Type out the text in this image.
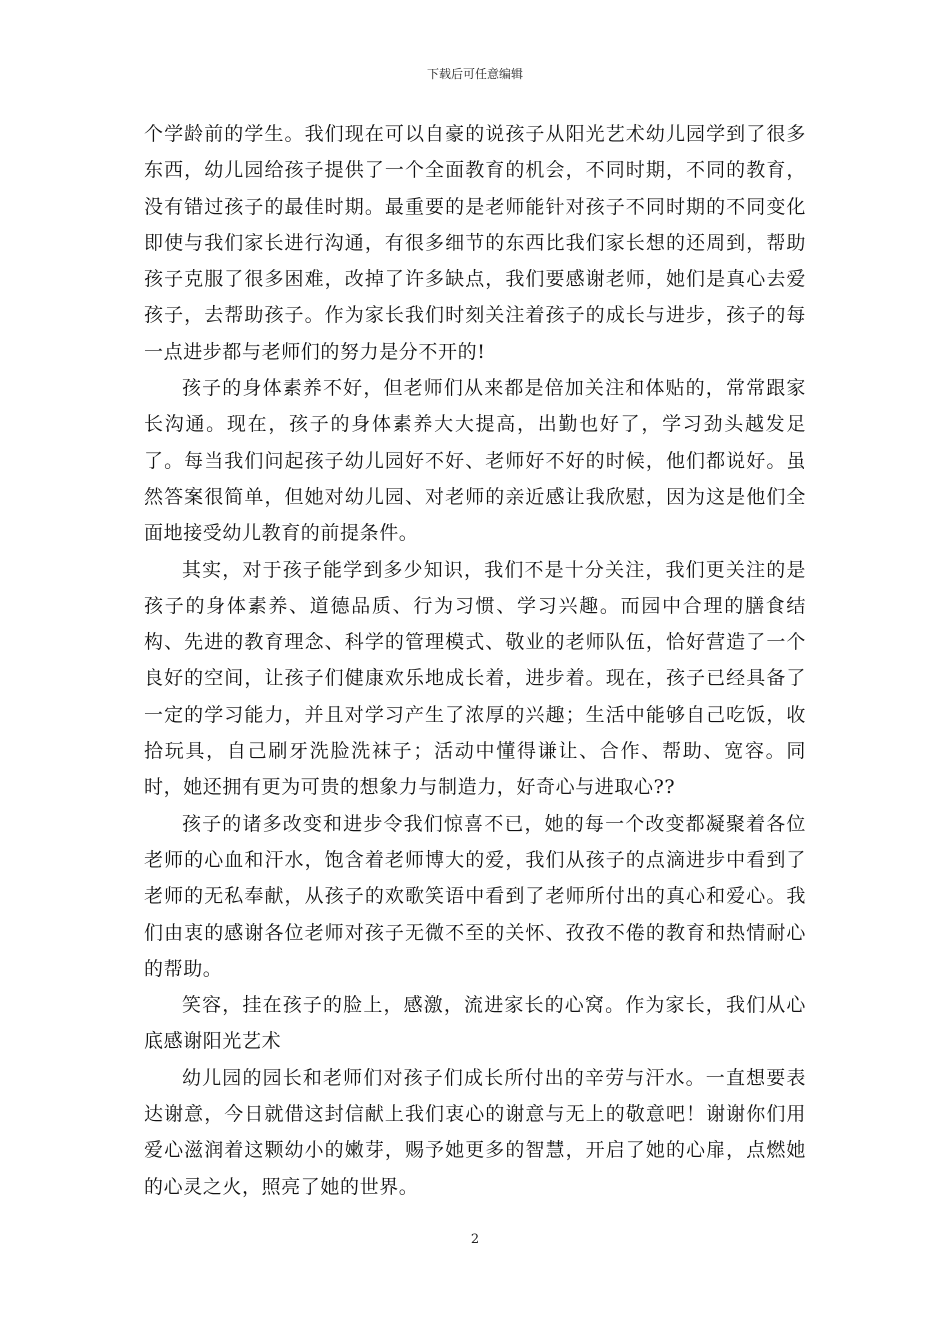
下载后可任意编辑

个学龄前的学生。我们现在可以自豪的说孩子从阳光艺术幼儿园学到了很多东西，幼儿园给孩子提供了一个全面教育的机会，不同时期，不同的教育，没有错过孩子的最佳时期。最重要的是老师能针对孩子不同时期的不同变化即使与我们家长进行沟通，有很多细节的东西比我们家长想的还周到，帮助孩子克服了很多困难，改掉了许多缺点，我们要感谢老师，她们是真心去爱孩子，去帮助孩子。作为家长我们时刻关注着孩子的成长与进步，孩子的每一点进步都与老师们的努力是分不开的!

孩子的身体素养不好，但老师们从来都是倍加关注和体贴的，常常跟家长沟通。现在，孩子的身体素养大大提高，出勤也好了，学习劲头越发足了。每当我们问起孩子幼儿园好不好、老师好不好的时候，他们都说好。虽然答案很简单，但她对幼儿园、对老师的亲近感让我欣慰，因为这是他们全面地接受幼儿教育的前提条件。

其实，对于孩子能学到多少知识，我们不是十分关注，我们更关注的是孩子的身体素养、道德品质、行为习惯、学习兴趣。而园中合理的膳食结构、先进的教育理念、科学的管理模式、敬业的老师队伍，恰好营造了一个良好的空间，让孩子们健康欢乐地成长着，进步着。现在，孩子已经具备了一定的学习能力，并且对学习产生了浓厚的兴趣；生活中能够自己吃饭，收拾玩具，自己刷牙洗脸洗袜子；活动中懂得谦让、合作、帮助、宽容。同时，她还拥有更为可贵的想象力与制造力，好奇心与进取心??

孩子的诸多改变和进步令我们惊喜不已，她的每一个改变都凝聚着各位老师的心血和汗水，饱含着老师博大的爱，我们从孩子的点滴进步中看到了老师的无私奉献，从孩子的欢歌笑语中看到了老师所付出的真心和爱心。我们由衷的感谢各位老师对孩子无微不至的关怀、孜孜不倦的教育和热情耐心的帮助。

笑容，挂在孩子的脸上，感激，流进家长的心窝。作为家长，我们从心底感谢阳光艺术

幼儿园的园长和老师们对孩子们成长所付出的辛劳与汗水。一直想要表达谢意，今日就借这封信献上我们衷心的谢意与无上的敬意吧！谢谢你们用爱心滋润着这颗幼小的嫩芽，赐予她更多的智慧，开启了她的心扉，点燃她的心灵之火，照亮了她的世界。

2
